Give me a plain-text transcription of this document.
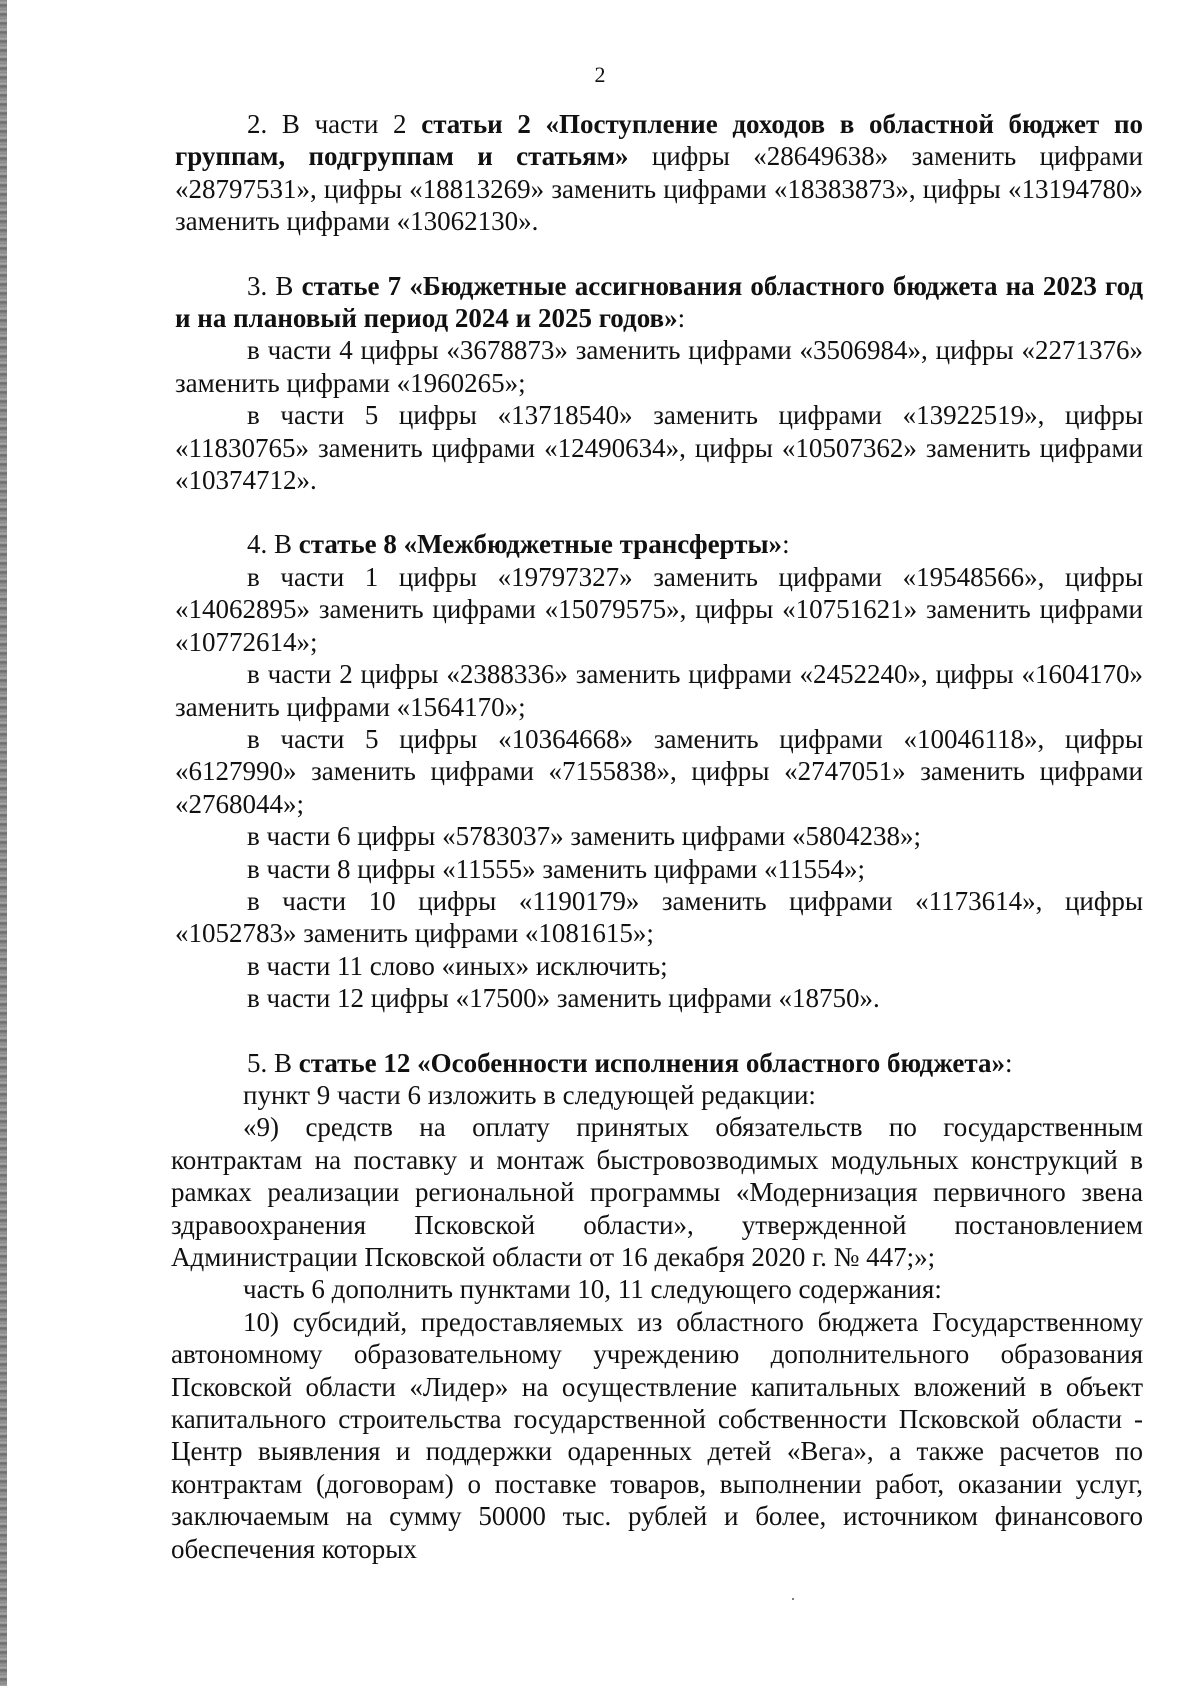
2

2. В части 2 статьи 2 «Поступление доходов в областной бюджет по группам, подгруппам и статьям» цифры «28649638» заменить цифрами «28797531», цифры «18813269» заменить цифрами «18383873», цифры «13194780» заменить цифрами «13062130».

3. В статье 7 «Бюджетные ассигнования областного бюджета на 2023 год и на плановый период 2024 и 2025 годов»:

в части 4 цифры «3678873» заменить цифрами «3506984», цифры «2271376» заменить цифрами «1960265»;

в части 5 цифры «13718540» заменить цифрами «13922519», цифры «11830765» заменить цифрами «12490634», цифры «10507362» заменить цифрами «10374712».

4. В статье 8 «Межбюджетные трансферты»:

в части 1 цифры «19797327» заменить цифрами «19548566», цифры «14062895» заменить цифрами «15079575», цифры «10751621» заменить цифрами «10772614»;

в части 2 цифры «2388336» заменить цифрами «2452240», цифры «1604170» заменить цифрами «1564170»;

в части 5 цифры «10364668» заменить цифрами «10046118», цифры «6127990» заменить цифрами «7155838», цифры «2747051» заменить цифрами «2768044»;

в части 6 цифры «5783037» заменить цифрами «5804238»;

в части 8 цифры «11555» заменить цифрами «11554»;

в части 10 цифры «1190179» заменить цифрами «1173614», цифры «1052783» заменить цифрами «1081615»;

в части 11 слово «иных» исключить;

в части 12 цифры «17500» заменить цифрами «18750».

5. В статье 12 «Особенности исполнения областного бюджета»:

пункт 9 части 6 изложить в следующей редакции:

«9) средств на оплату принятых обязательств по государственным контрактам на поставку и монтаж быстровозводимых модульных конструкций в рамках реализации региональной программы «Модернизация первичного звена здравоохранения Псковской области», утвержденной постановлением Администрации Псковской области от 16 декабря 2020 г. № 447;»;

часть 6 дополнить пунктами 10, 11 следующего содержания:

10) субсидий, предоставляемых из областного бюджета Государственному автономному образовательному учреждению дополнительного образования Псковской области «Лидер» на осуществление капитальных вложений в объект капитального строительства государственной собственности Псковской области - Центр выявления и поддержки одаренных детей «Вега», а также расчетов по контрактам (договорам) о поставке товаров, выполнении работ, оказании услуг, заключаемым на сумму 50000 тыс. рублей и более, источником финансового обеспечения которых
